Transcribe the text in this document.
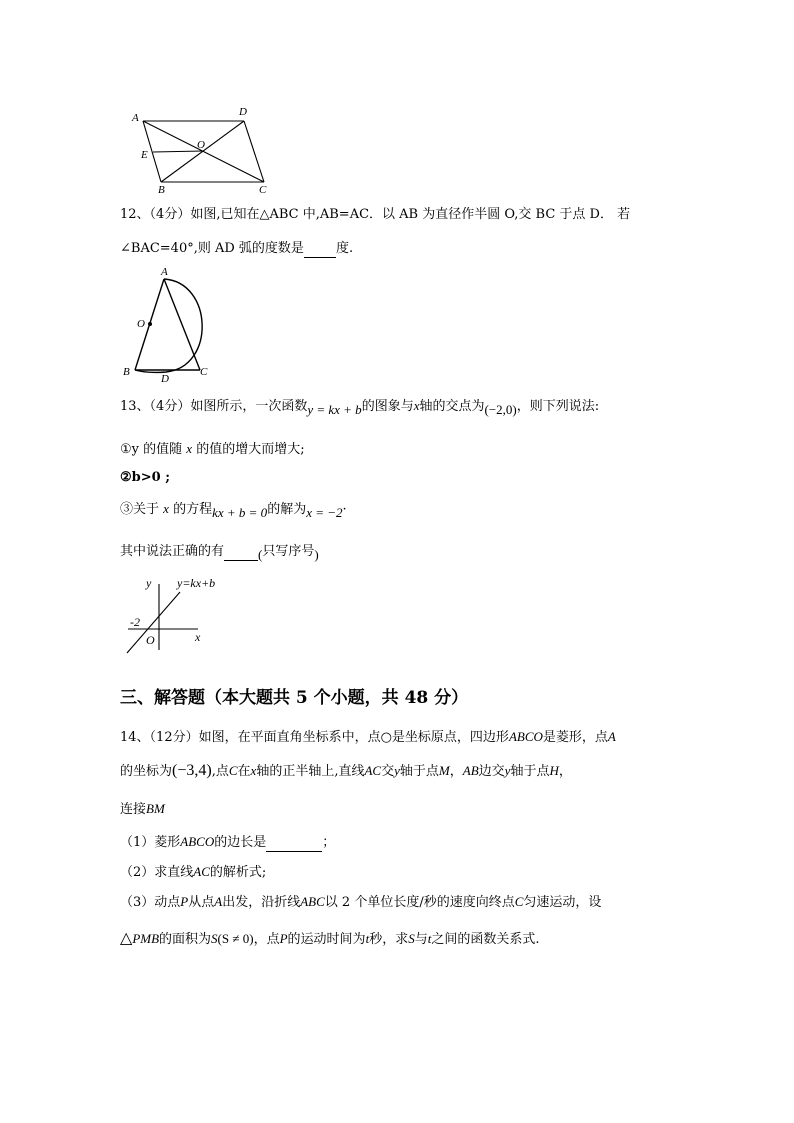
A	D
E
O
B	C
12、（4分）如图,已知在△ABC 中,AB=AC．以 AB 为直径作半圆 O,交 BC 于点 D． 若
∠BAC=40°,则 AD 弧的度数是 度.
A
O
B
D
C
13、（4分）如图所示，一次函数y = kx + b的图象与x轴的交点为(−2,0)，则下列说法:
①y 的值随 x 的值的增大而增大;
②b>0 ;
③关于 x 的方程kx + b = 0的解为x = −2·
其中说法正确的有	(只写序号)
y y=kx+b
-2
O	x
三、解答题（本大题共 5 个小题，共 48 分）
14、（12分）如图，在平面直角坐标系中，点○是坐标原点，四边形ABCO是菱形，点A
的坐标为(−3,4),点C在x轴的正半轴上,直线AC交y轴于点M，AB边交y轴于点H，
连接BM
（1）菱形ABCO的边长是	；
（2）求直线AC的解析式;
（3）动点P从点A出发，沿折线ABC以 2 个单位长度/秒的速度向终点C匀速运动，设
△PMB的面积为S(S ≠ 0)，点P的运动时间为t秒，求S与t之间的函数关系式.
